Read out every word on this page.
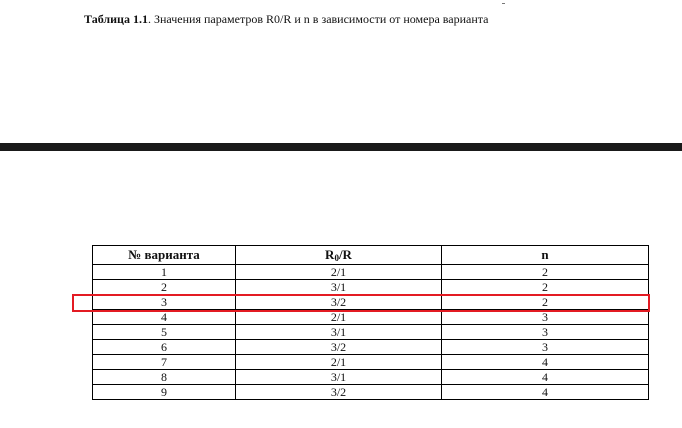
Таблица 1.1. Значения параметров R0/R и n в зависимости от номера варианта
№ варианта	$R_0/R$	n
1	2/1	2
2	3/1	2
3	3/2	2
4	2/1	3
5	3/1	3
6	3/2	3
7	2/1	4
8	3/1	4
9	3/2	4
